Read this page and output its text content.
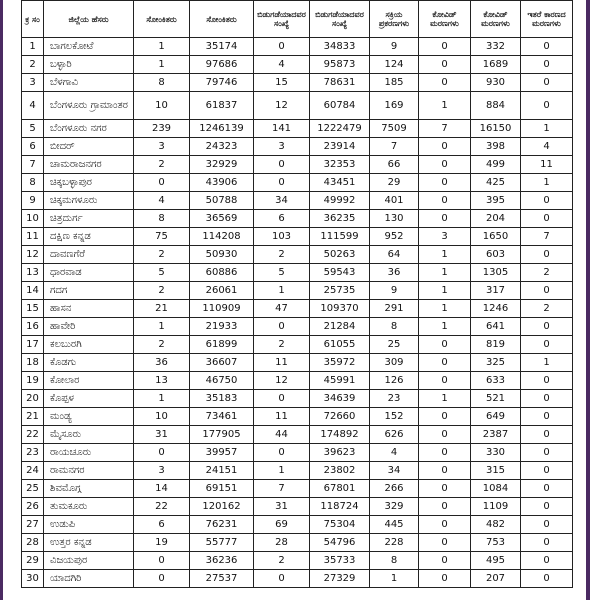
ಕ್ರ ಸಂ	ಜಿಲ್ಲೆಯ ಹೆಸರು	ಸೋಂಕಿತರು	ಸೋಂಕಿತರು	ಬಿಡುಗಡೆಯಾದವರ ಸಂಖ್ಯೆ	ಬಿಡುಗಡೆಯಾದವರ ಸಂಖ್ಯೆ	ಸಕ್ರಿಯ ಪ್ರಕರಣಗಳು	ಕೋವಿಡ್ ಮರಣಗಳು	ಕೋವಿಡ್ ಮರಣಗಳು	ಇತರೆ ಕಾರಣದ ಮರಣಗಳು
1	ಬಾಗಲಕೋಟೆ	1	35174	0	34833	9	0	332	0
2	ಬಳ್ಳಾರಿ	1	97686	4	95873	124	0	1689	0
3	ಬೆಳಗಾವಿ	8	79746	15	78631	185	0	930	0
4	ಬೆಂಗಳೂರು ಗ್ರಾಮಾಂತರ	10	61837	12	60784	169	1	884	0
5	ಬೆಂಗಳೂರು ನಗರ	239	1246139	141	1222479	7509	7	16150	1
6	ಬೀದರ್	3	24323	3	23914	7	0	398	4
7	ಚಾಮರಾಜನಗರ	2	32929	0	32353	66	0	499	11
8	ಚಿಕ್ಕಬಳ್ಳಾಪುರ	0	43906	0	43451	29	0	425	1
9	ಚಿಕ್ಕಮಗಳೂರು	4	50788	34	49992	401	0	395	0
10	ಚಿತ್ರದುರ್ಗ	8	36569	6	36235	130	0	204	0
11	ದಕ್ಷಿಣ ಕನ್ನಡ	75	114208	103	111599	952	3	1650	7
12	ದಾವಣಗೆರೆ	2	50930	2	50263	64	1	603	0
13	ಧಾರವಾಡ	5	60886	5	59543	36	1	1305	2
14	ಗದಗ	2	26061	1	25735	9	1	317	0
15	ಹಾಸನ	21	110909	47	109370	291	1	1246	2
16	ಹಾವೇರಿ	1	21933	0	21284	8	1	641	0
17	ಕಲಬುರಗಿ	2	61899	2	61055	25	0	819	0
18	ಕೊಡಗು	36	36607	11	35972	309	0	325	1
19	ಕೋಲಾರ	13	46750	12	45991	126	0	633	0
20	ಕೊಪ್ಪಳ	1	35183	0	34639	23	1	521	0
21	ಮಂಡ್ಯ	10	73461	11	72660	152	0	649	0
22	ಮೈಸೂರು	31	177905	44	174892	626	0	2387	0
23	ರಾಯಚೂರು	0	39957	0	39623	4	0	330	0
24	ರಾಮನಗರ	3	24151	1	23802	34	0	315	0
25	ಶಿವಮೊಗ್ಗ	14	69151	7	67801	266	0	1084	0
26	ತುಮಕೂರು	22	120162	31	118724	329	0	1109	0
27	ಉಡುಪಿ	6	76231	69	75304	445	0	482	0
28	ಉತ್ತರ ಕನ್ನಡ	19	55777	28	54796	228	0	753	0
29	ವಿಜಯಪುರ	0	36236	2	35733	8	0	495	0
30	ಯಾದಗಿರಿ	0	27537	0	27329	1	0	207	0
